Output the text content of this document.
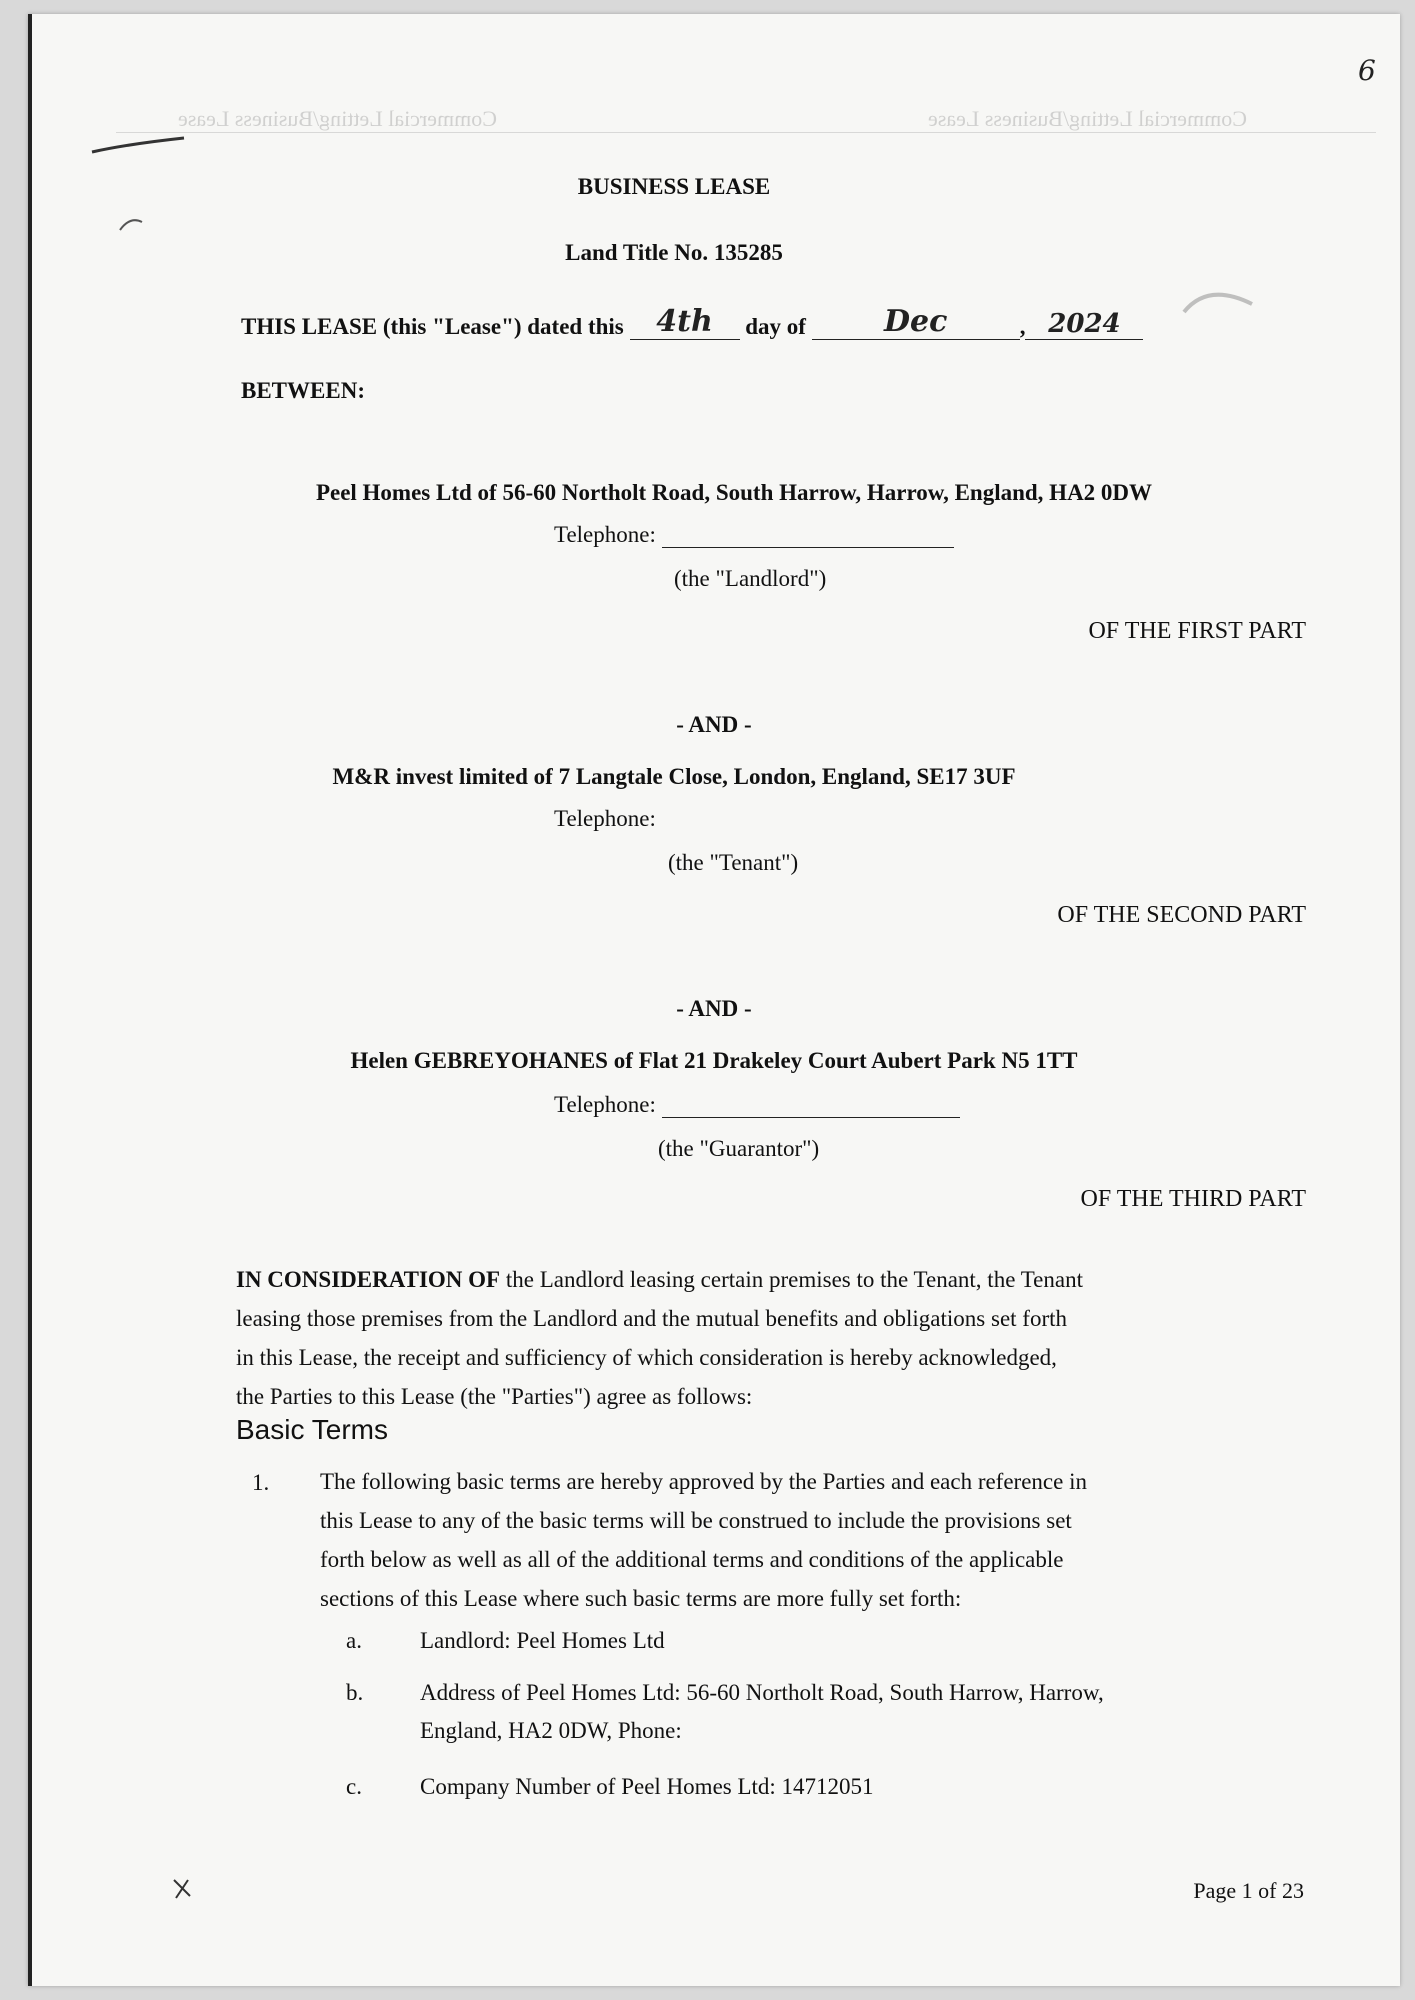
Commercial Letting/Business Lease	Commercial Letting/Business Lease
6
BUSINESS LEASE
Land Title No. 135285
THIS LEASE (this "Lease") dated this 4th day of	Dec	, 2024
BETWEEN:
Peel Homes Ltd of 56-60 Northolt Road, South Harrow, Harrow, England, HA2 0DW
Telephone:
(the "Landlord")
OF THE FIRST PART
- AND -
M&R invest limited of 7 Langtale Close, London, England, SE17 3UF
Telephone:
(the "Tenant")
OF THE SECOND PART
- AND -
Helen GEBREYOHANES of Flat 21 Drakeley Court Aubert Park N5 1TT
Telephone:
(the "Guarantor")
OF THE THIRD PART

IN CONSIDERATION OF the Landlord leasing certain premises to the Tenant, the Tenant

leasing those premises from the Landlord and the mutual benefits and obligations set forth

in this Lease, the receipt and sufficiency of which consideration is hereby acknowledged,

the Parties to this Lease (the "Parties") agree as follows:

Basic Terms
1. The following basic terms are hereby approved by the Parties and each reference in

this Lease to any of the basic terms will be construed to include the provisions set

forth below as well as all of the additional terms and conditions of the applicable

sections of this Lease where such basic terms are more fully set forth:

a.	Landlord: Peel Homes Ltd
b. Address of Peel Homes Ltd: 56-60 Northolt Road, South Harrow, Harrow,
England, HA2 0DW, Phone:
c.	Company Number of Peel Homes Ltd: 14712051
Page 1 of 23
